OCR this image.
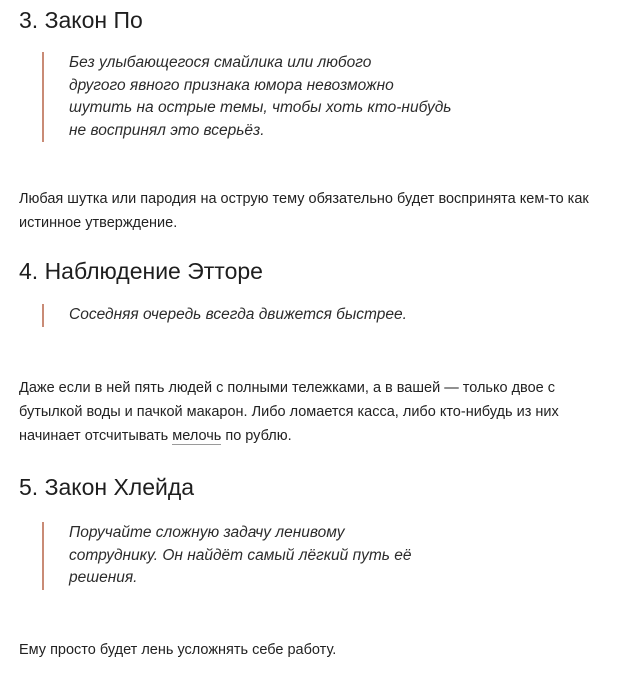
3. Закон По

Без улыбающегося смайлика или любого

другого явного признака юмора невозможно

шутить на острые темы, чтобы хоть кто-нибудь

не воспринял это всерьёз.

Любая шутка или пародия на острую тему обязательно будет воспринята кем-то как
истинное утверждение.

4. Наблюдение Этторе

Соседняя очередь всегда движется быстрее.

Даже если в ней пять людей с полными тележками, а в вашей — только двое с
бутылкой воды и пачкой макарон. Либо ломается касса, либо кто-нибудь из них
начинает отсчитывать мелочь по рублю.

5. Закон Хлейда

Поручайте сложную задачу ленивому

сотруднику. Он найдёт самый лёгкий путь её

решения.

Ему просто будет лень усложнять себе работу.
